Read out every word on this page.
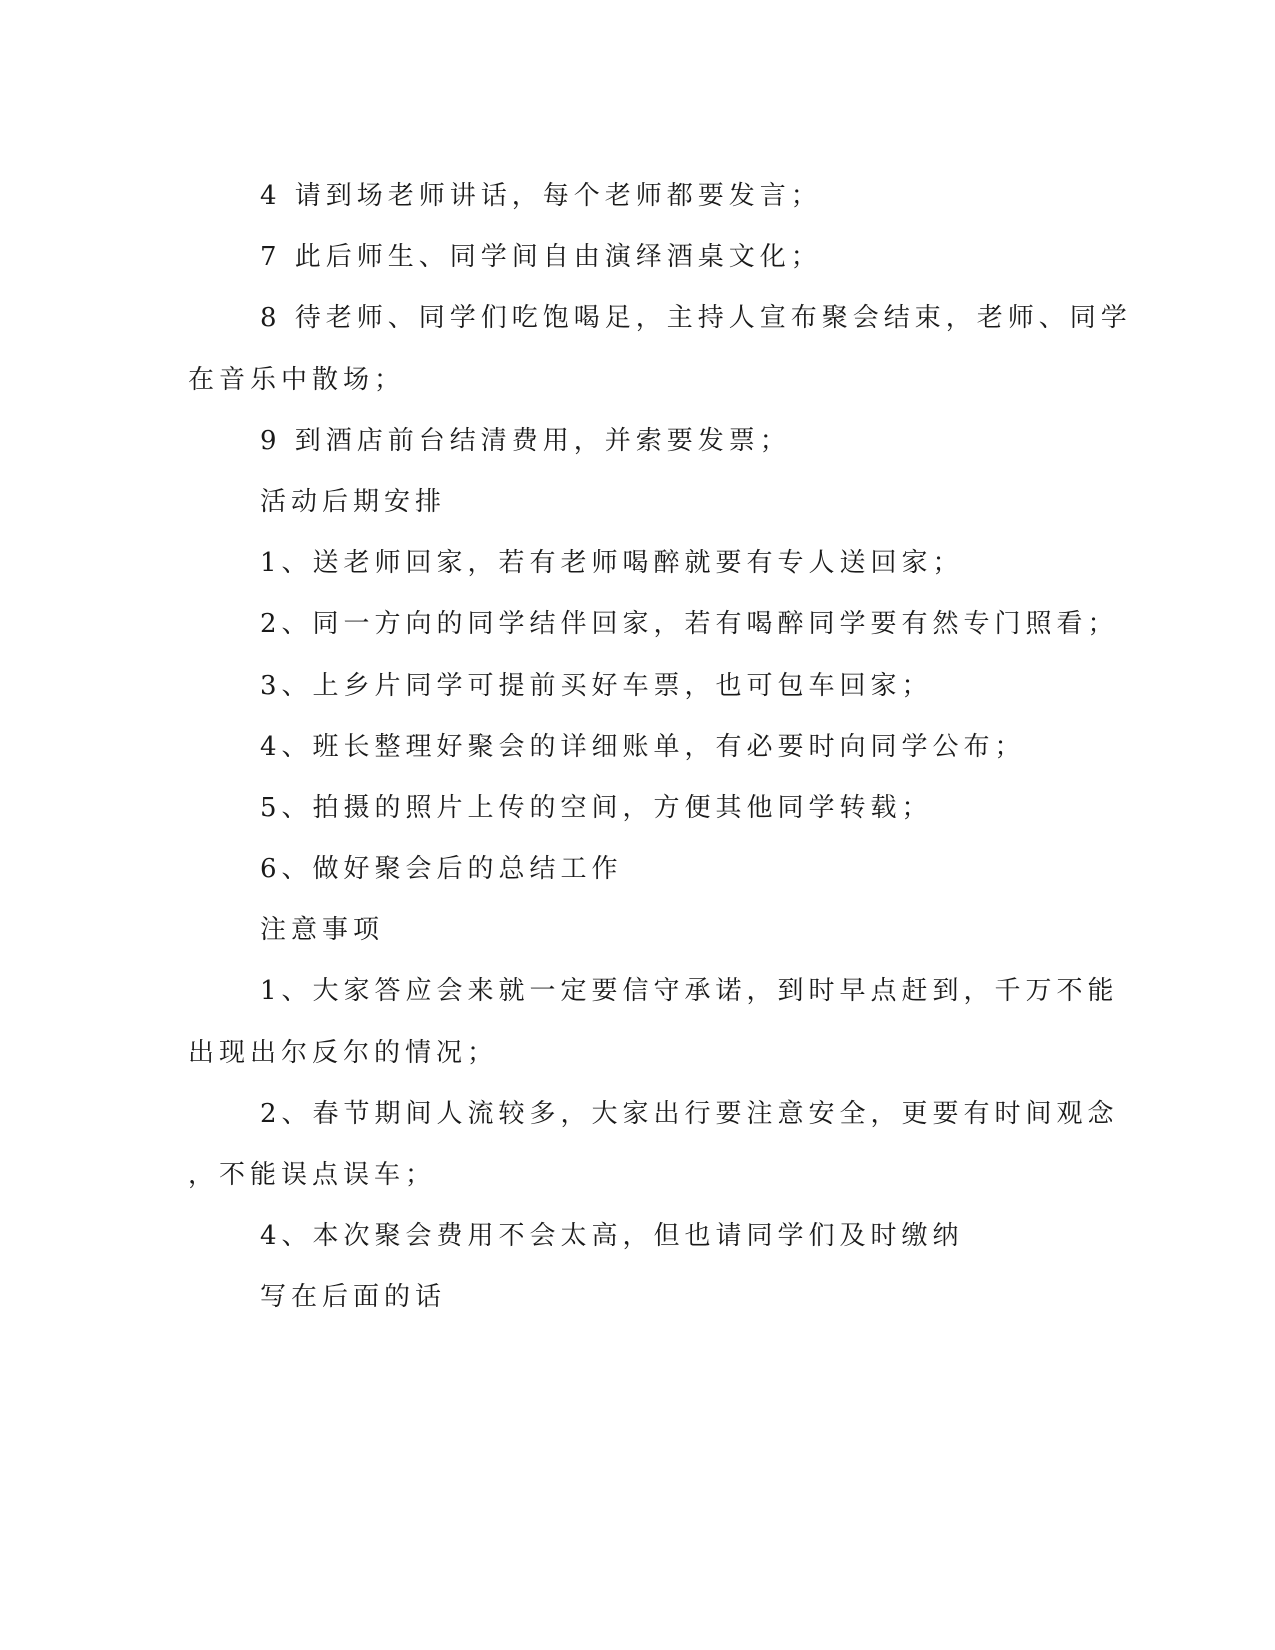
4 请到场老师讲话，每个老师都要发言；
7 此后师生、同学间自由演绎酒桌文化；
8 待老师、同学们吃饱喝足，主持人宣布聚会结束，老师、同学
在音乐中散场；
9 到酒店前台结清费用，并索要发票；
活动后期安排
1、送老师回家，若有老师喝醉就要有专人送回家；
2、同一方向的同学结伴回家，若有喝醉同学要有然专门照看；
3、上乡片同学可提前买好车票，也可包车回家；
4、班长整理好聚会的详细账单，有必要时向同学公布；
5、拍摄的照片上传的空间，方便其他同学转载；
6、做好聚会后的总结工作
注意事项
1、大家答应会来就一定要信守承诺，到时早点赶到，千万不能
出现出尔反尔的情况；
2、春节期间人流较多，大家出行要注意安全，更要有时间观念
，不能误点误车；
4、本次聚会费用不会太高，但也请同学们及时缴纳
写在后面的话
